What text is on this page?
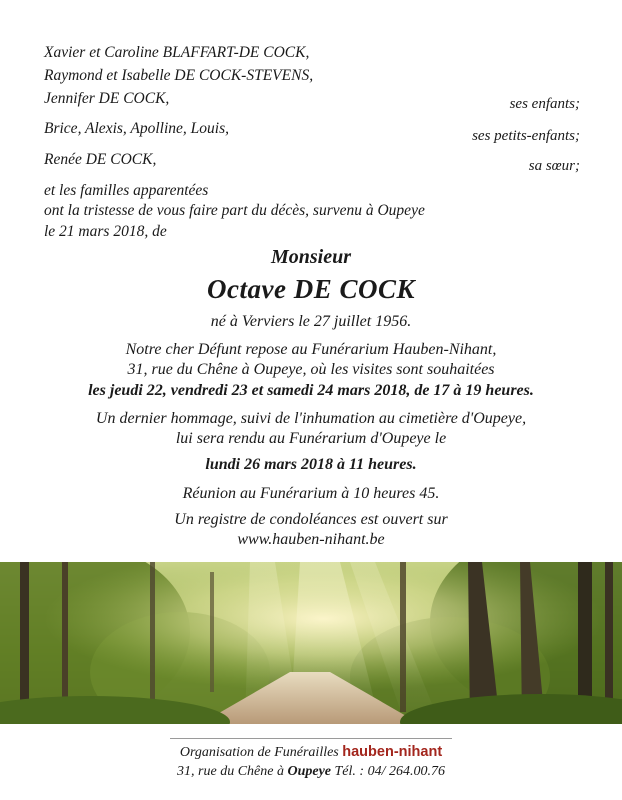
Xavier et Caroline BLAFFART-DE COCK,
Raymond et Isabelle DE COCK-STEVENS,
Jennifer DE COCK,	ses enfants;
Brice, Alexis, Apolline, Louis,	ses petits-enfants;
Renée DE COCK,	sa sœur;
et les familles apparentées
ont la tristesse de vous faire part du décès, survenu à Oupeye
le 21 mars 2018, de
Monsieur
Octave DE COCK
né à Verviers le 27 juillet 1956.
Notre cher Défunt repose au Funérarium Hauben-Nihant,
31, rue du Chêne à Oupeye, où les visites sont souhaitées
les jeudi 22, vendredi 23 et samedi 24 mars 2018, de 17 à 19 heures.
Un dernier hommage, suivi de l'inhumation au cimetière d'Oupeye,
lui sera rendu au Funérarium d'Oupeye le
lundi 26 mars 2018 à 11 heures.
Réunion au Funérarium à 10 heures 45.
Un registre de condoléances est ouvert sur
www.hauben-nihant.be
Organisation de Funérailles hauben-nihant
31, rue du Chêne à Oupeye Tél. : 04/ 264.00.76
